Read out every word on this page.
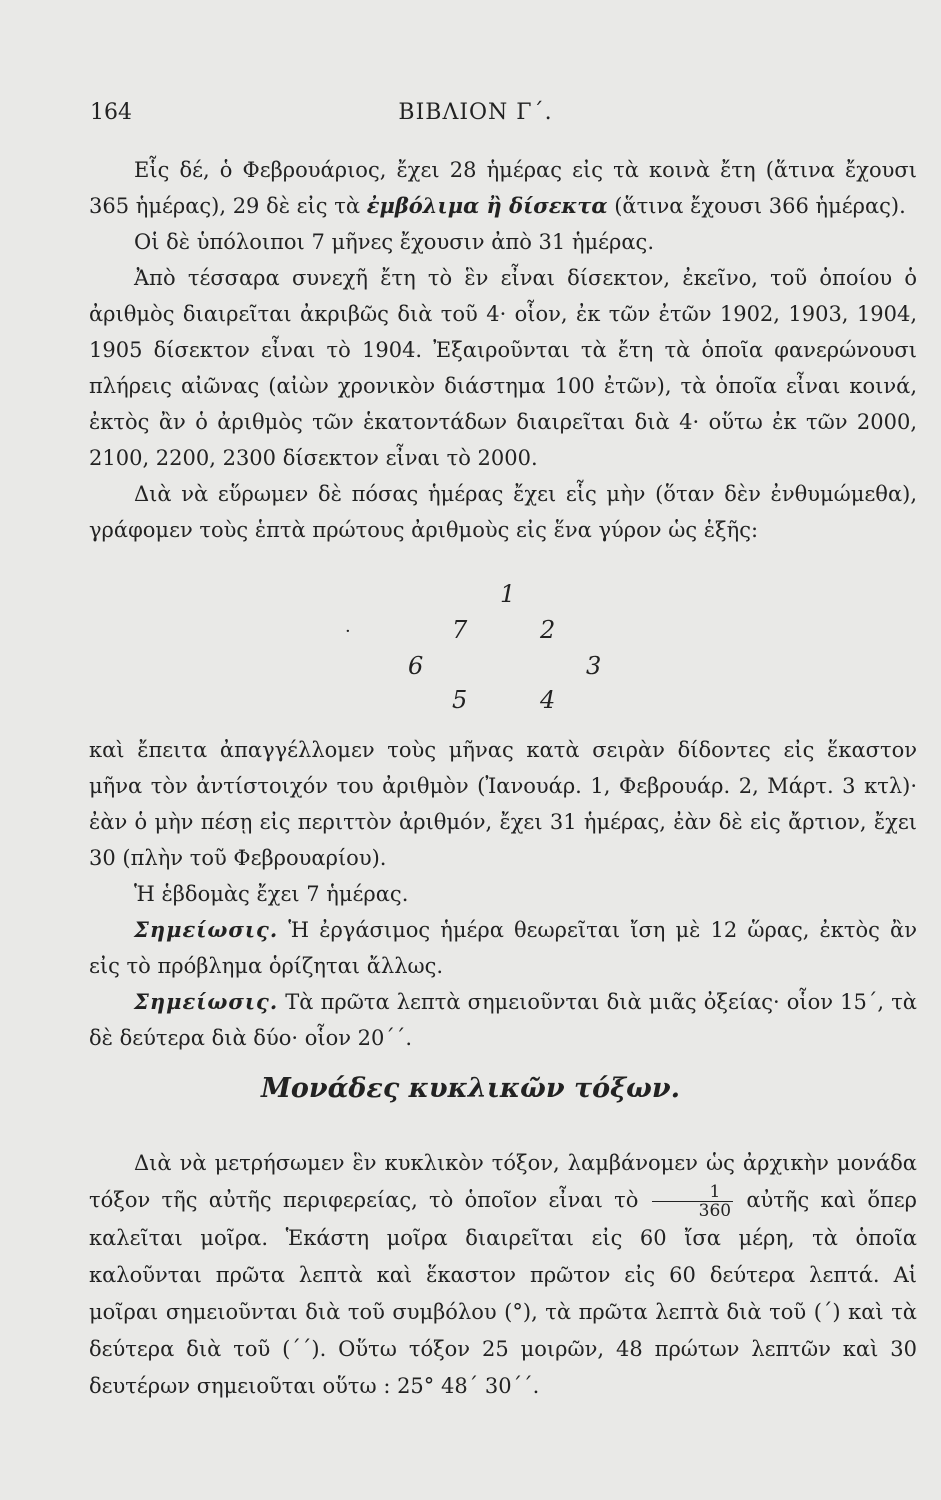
164	ΒΙΒΛΙΟΝ Γ΄.

Εἷς δέ, ὁ Φεβρουάριος, ἔχει 28 ἡμέρας εἰς τὰ κοινὰ ἔτη (ἅτινα ἔχουσι 365 ἡμέρας), 29 δὲ εἰς τὰ ἐμβόλιμα ἢ δίσεκτα (ἅτινα ἔχουσι 366 ἡμέρας).

Οἱ δὲ ὑπόλοιποι 7 μῆνες ἔχουσιν ἀπὸ 31 ἡμέρας.

Ἀπὸ τέσσαρα συνεχῆ ἔτη τὸ ἓν εἶναι δίσεκτον, ἐκεῖνο, τοῦ ὁποίου ὁ ἀριθμὸς διαιρεῖται ἀκριβῶς διὰ τοῦ 4· οἷον, ἐκ τῶν ἐτῶν 1902, 1903, 1904, 1905 δίσεκτον εἶναι τὸ 1904. Ἐξαιροῦνται τὰ ἔτη τὰ ὁποῖα φανερώνουσι πλήρεις αἰῶνας (αἰὼν χρονικὸν διάστημα 100 ἐτῶν), τὰ ὁποῖα εἶναι κοινά, ἐκτὸς ἂν ὁ ἀριθμὸς τῶν ἑκατοντάδων διαιρεῖται διὰ 4· οὕτω ἐκ τῶν 2000, 2100, 2200, 2300 δίσεκτον εἶναι τὸ 2000.

Διὰ νὰ εὕρωμεν δὲ πόσας ἡμέρας ἔχει εἷς μὴν (ὅταν δὲν ἐνθυμώμεθα), γράφομεν τοὺς ἑπτὰ πρώτους ἀριθμοὺς εἰς ἕνα γύρον ὡς ἑξῆς:

·
1
7	2
6	3
5	4

καὶ ἔπειτα ἀπαγγέλλομεν τοὺς μῆνας κατὰ σειρὰν δίδοντες εἰς ἕκαστον μῆνα τὸν ἀντίστοιχόν του ἀριθμὸν (Ἰανουάρ. 1, Φεβρουάρ. 2, Μάρτ. 3 κτλ)· ἐὰν ὁ μὴν πέσῃ εἰς περιττὸν ἀριθμόν, ἔχει 31 ἡμέρας, ἐὰν δὲ εἰς ἄρτιον, ἔχει 30 (πλὴν τοῦ Φεβρουαρίου).

Ἡ ἑβδομὰς ἔχει 7 ἡμέρας.

Σημείωσις. Ἡ ἐργάσιμος ἡμέρα θεωρεῖται ἴση μὲ 12 ὥρας, ἐκτὸς ἂν εἰς τὸ πρόβλημα ὁρίζηται ἄλλως.

Σημείωσις. Τὰ πρῶτα λεπτὰ σημειοῦνται διὰ μιᾶς ὀξείας· οἷον 15΄, τὰ δὲ δεύτερα διὰ δύο· οἷον 20΄΄.

Μονάδες κυκλικῶν τόξων.

Διὰ νὰ μετρήσωμεν ἓν κυκλικὸν τόξον, λαμβάνομεν ὡς ἀρχικὴν μονάδα τόξον τῆς αὐτῆς περιφερείας, τὸ ὁποῖον εἶναι τὸ $\frac{1}{360}$ αὐτῆς καὶ ὅπερ καλεῖται μοῖρα. Ἑκάστη μοῖρα διαιρεῖται εἰς 60 ἴσα μέρη, τὰ ὁποῖα καλοῦνται πρῶτα λεπτὰ καὶ ἕκαστον πρῶτον εἰς 60 δεύτερα λεπτά. Αἱ μοῖραι σημειοῦνται διὰ τοῦ συμβόλου (°), τὰ πρῶτα λεπτὰ διὰ τοῦ (΄) καὶ τὰ δεύτερα διὰ τοῦ (΄΄). Οὕτω τόξον 25 μοιρῶν, 48 πρώτων λεπτῶν καὶ 30 δευτέρων σημειοῦται οὕτω : 25° 48΄ 30΄΄.
